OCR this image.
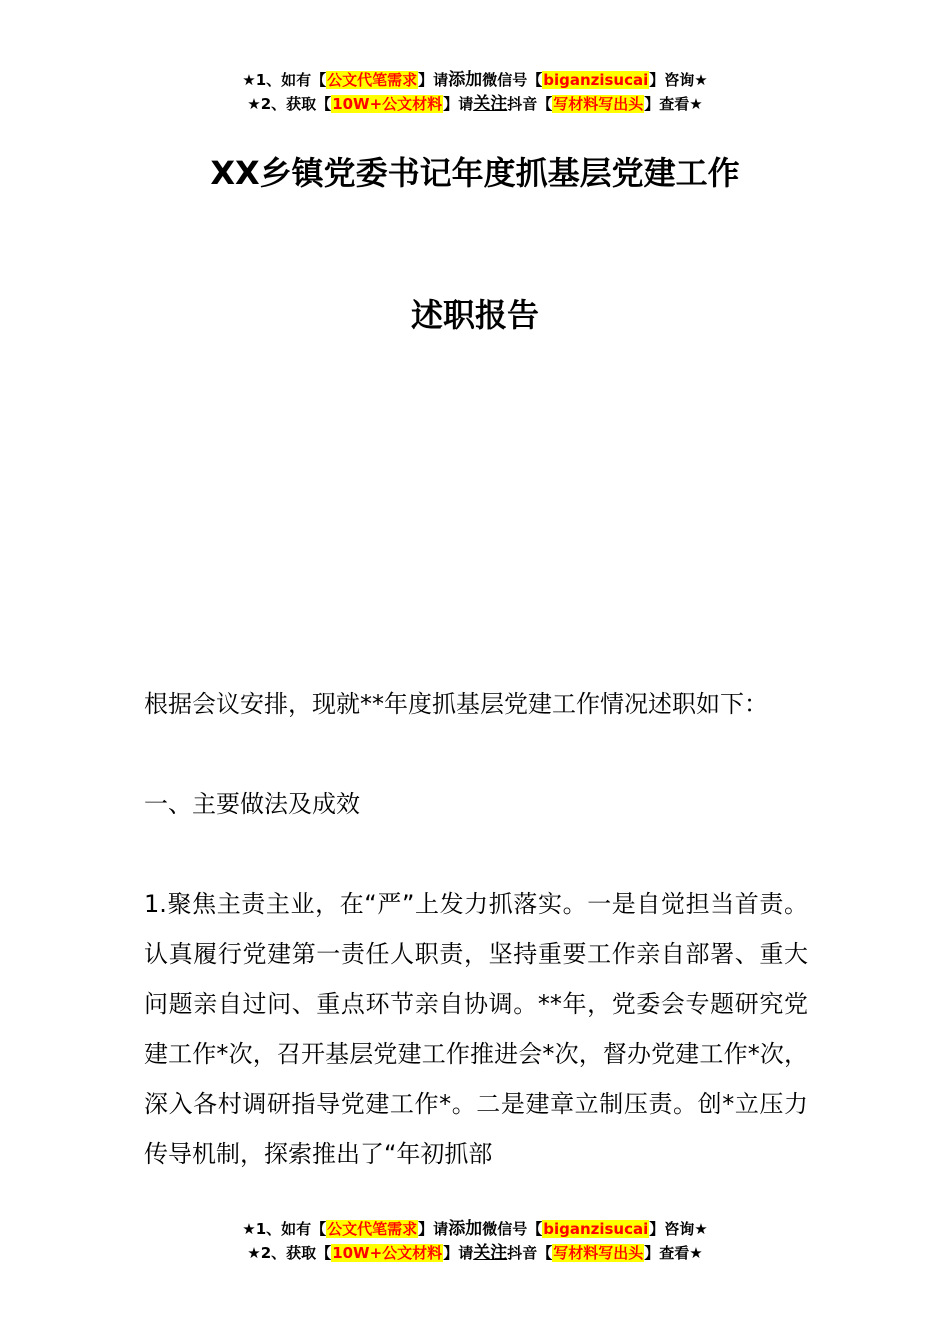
★1、如有【公文代笔需求】请添加微信号【biganzisucai】咨询★
★2、获取【10W+公文材料】请关注抖音【写材料写出头】查看★
XX乡镇党委书记年度抓基层党建工作
述职报告
根据会议安排，现就**年度抓基层党建工作情况述职如下：
一、主要做法及成效
1.聚焦主责主业，在“严”上发力抓落实。一是自觉担当首责。认真履行党建第一责任人职责，坚持重要工作亲自部署、重大问题亲自过问、重点环节亲自协调。**年，党委会专题研究党建工作*次，召开基层党建工作推进会*次，督办党建工作*次，深入各村调研指导党建工作*。二是建章立制压责。创*立压力传导机制，探索推出了“年初抓部
★1、如有【公文代笔需求】请添加微信号【biganzisucai】咨询★
★2、获取【10W+公文材料】请关注抖音【写材料写出头】查看★
